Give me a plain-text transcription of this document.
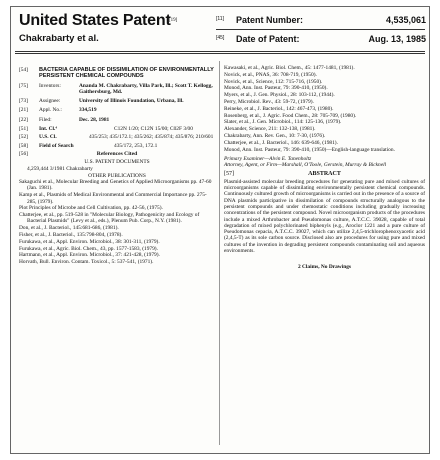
United States Patent
[19]
Chakrabarty et al.
[11] Patent Number:	4,535,061
[45] Date of Patent:	Aug. 13, 1985
[54] BACTERIA CAPABLE OF DISSIMILATION OF ENVIRONMENTALLY PERSISTENT CHEMICAL COMPOUNDS
[75] Inventors:	Ananda M. Chakrabarty, Villa Park, Ill.; Scott T. Kellogg, Gaithersburg, Md.
[73] Assignee:	University of Illinois Foundation, Urbana, Ill.
[21] Appl. No.:	334,519
[22] Filed:	Dec. 28, 1981
[51] Int. Cl.⁴	C12N 1/20; C12N 15/00; C02F 3/00
[52] U.S. Cl.	435/253; 435/172.1; 435/262; 435/874; 435/876; 210/601
[58] Field of Search	435/172, 253, 172.1
[56]	References Cited
U.S. PATENT DOCUMENTS
4,259,444 3/1981 Chakrabarty
OTHER PUBLICATIONS
Sakaguchi et al., Molecular Breeding and Genetics of Applied Microorganisms pp. 47-60 (Jan. 1981).
Kamp et al., Plasmids of Medical Environmental and Commercial Importance pp. 275-285, (1979).
Plot Principles of Microbe and Cell Cultivation, pp. 42-56, (1975).
Chatterjee, et al., pp. 519-528 in "Molecular Biology, Pathogenicity and Ecology of Bacterial Plasmids" (Levy et al., eds.), Plenum Pub. Corp., N.Y. (1981).
Don, et al., J. Bacteriol., 145:681-686, (1981).
Fisher, et al., J. Bacteriol., 135:798-804, (1978).
Furukawa, et al., Appl. Environ. Microbiol., 38: 301-311, (1979).
Furukawa, et al., Agric. Biol. Chem., 43, pp. 1577-1583, (1979).
Hartmann, et al., Appl. Environ. Microbiol., 37: 421-428, (1979).
Horvath, Bull. Environ. Contam. Toxicol., 5: 537-541, (1971).
Kawasaki, et al., Agric. Biol. Chem., 45: 1477-1481, (1981).
Novick, et al., PNAS, 36: 708-719, (1950).
Novick, et al., Science, 112: 715-716, (1950).
Monod, Ann. Inst. Pasteur, 79: 390-410, (1950).
Myers, et al., J. Gen. Physiol., 28: 103-112, (1944).
Perry, Microbiol. Rev., 43: 59-72, (1979).
Reineke, et al., J. Bacteriol., 142: 467-473, (1980).
Rosenberg, et al., J. Agric. Food Chem., 28: 705-709, (1980).
Slater, et al., J. Gen. Microbiol., 114: 125-136, (1979).
Alexander, Science, 211: 132-138, (1981).
Chakrabarty, Ann. Rev. Gen., 10: 7-30, (1976).
Chatterjee, et al., J. Bacteriol., 146: 639-646, (1981).
Monod, Ann. Inst. Pasteur, 79: 390-410, (1950)—English-language translation.
Primary Examiner—Alvin E. Tanenholtz
Attorney, Agent, or Firm—Marshall, O'Toole, Gerstein, Murray & Bicknell
[57]	ABSTRACT
Plasmid-assisted molecular breeding procedures for generating pure and mixed cultures of microorganisms capable of dissimilating environmentally persistent chemical compounds. Continuously cultured growth of microorganisms is carried out in the presence of a source of DNA plasmids participative in dissimilation of compounds structurally analogous to the persistent compounds and under chemostatic conditions including gradually increasing concentrations of the persistent compound. Novel microorganism products of the procedures include a mixed Arthrobacter and Pseudomonas culture, A.T.C.C. 39028, capable of total degradation of mixed polychlorinated biphenyls (e.g., Aroclor 1221 and a pure culture of Pseudomonas cepacia, A.T.C.C. 39027, which can utilize 2,4,5-trichlorophenoxyacetic acid (2,4,5-T) as its sole carbon source. Disclosed also are procedures for using pure and mixed cultures of the invention in degrading persistent compounds contaminating soil and aqueous environments.
2 Claims, No Drawings
